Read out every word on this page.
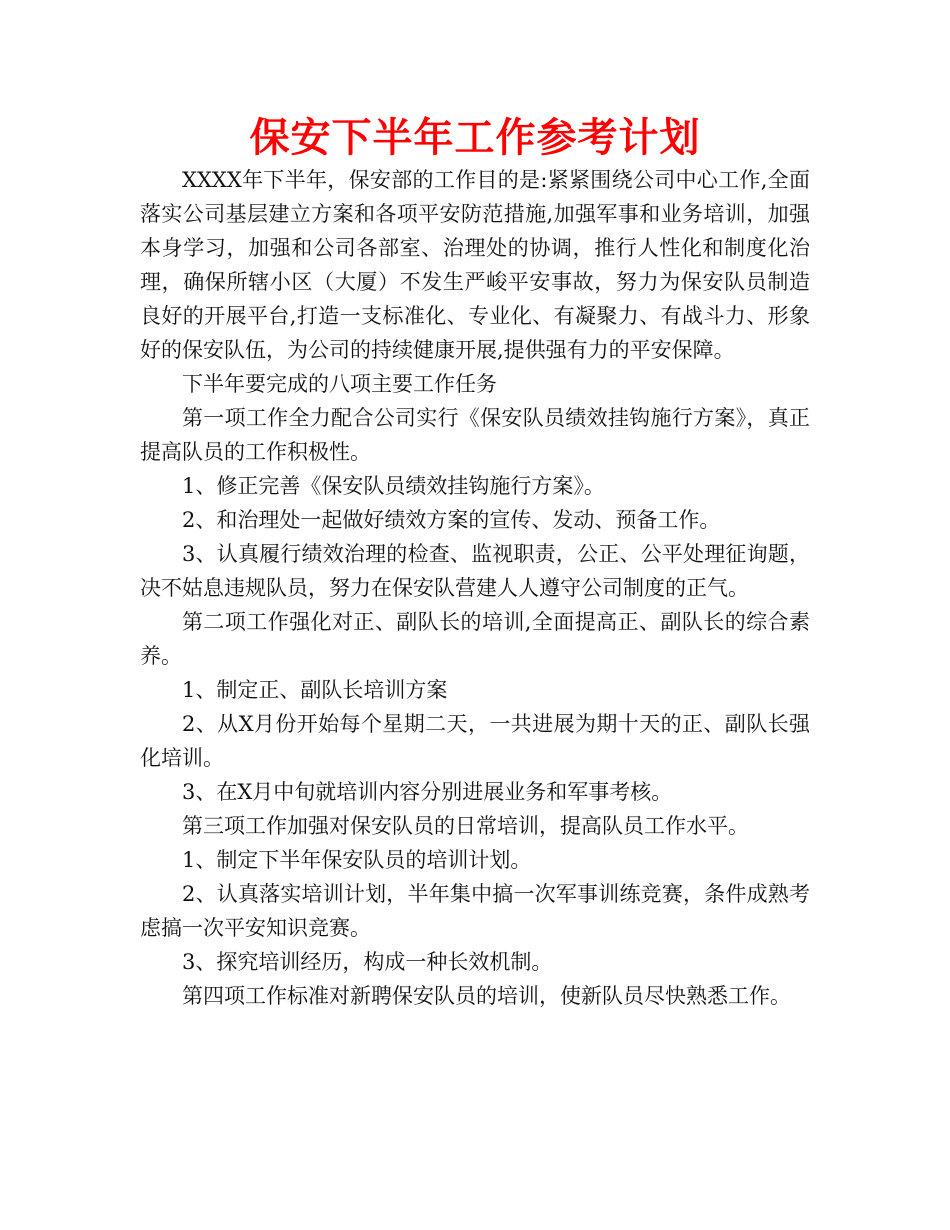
保安下半年工作参考计划

XXXX年下半年，保安部的工作目的是:紧紧围绕公司中心工作,全面落实公司基层建立方案和各项平安防范措施,加强军事和业务培训，加强本身学习，加强和公司各部室、治理处的协调，推行人性化和制度化治理，确保所辖小区（大厦）不发生严峻平安事故，努力为保安队员制造良好的开展平台,打造一支标准化、专业化、有凝聚力、有战斗力、形象好的保安队伍，为公司的持续健康开展,提供强有力的平安保障。

下半年要完成的八项主要工作任务

第一项工作全力配合公司实行《保安队员绩效挂钩施行方案》，真正提高队员的工作积极性。

1、修正完善《保安队员绩效挂钩施行方案》。

2、和治理处一起做好绩效方案的宣传、发动、预备工作。

3、认真履行绩效治理的检查、监视职责，公正、公平处理征询题，决不姑息违规队员，努力在保安队营建人人遵守公司制度的正气。

第二项工作强化对正、副队长的培训,全面提高正、副队长的综合素养。

1、制定正、副队长培训方案

2、从X月份开始每个星期二天，一共进展为期十天的正、副队长强化培训。

3、在X月中旬就培训内容分别进展业务和军事考核。

第三项工作加强对保安队员的日常培训，提高队员工作水平。

1、制定下半年保安队员的培训计划。

2、认真落实培训计划，半年集中搞一次军事训练竞赛，条件成熟考虑搞一次平安知识竞赛。

3、探究培训经历，构成一种长效机制。

第四项工作标准对新聘保安队员的培训，使新队员尽快熟悉工作。
